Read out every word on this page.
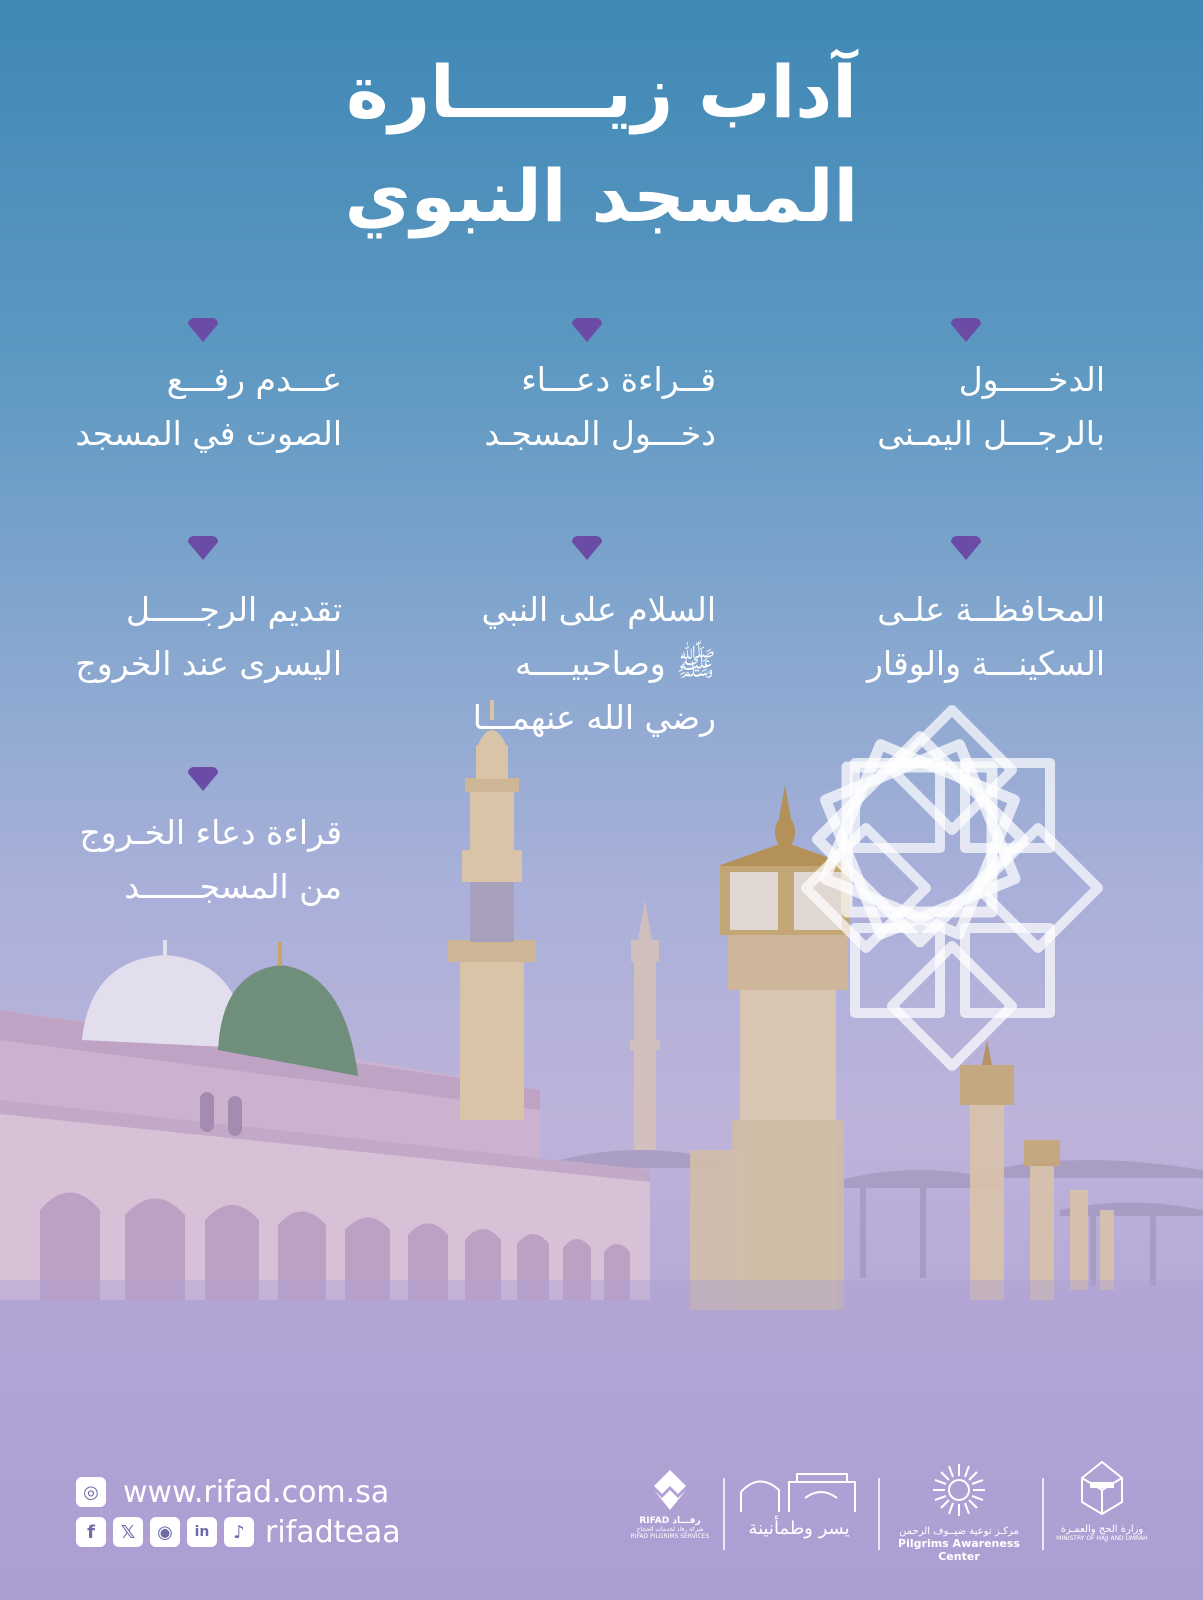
آداب زيــــــارة
المسجد النبوي
الدخـــــول
بالرجـــل اليمـنى
قــراءة دعـــاء
دخـــول المسجـد
عـــدم رفـــع
الصوت في المسجد
المحافظــة علـى
السكينـــة والوقار
السلام على النبي
ﷺ وصاحبيــــه
رضي الله عنهمـــا
تقديم الرجـــــل
اليسرى عند الخروج
قراءة دعاء الخـروج
من المسجــــــد
◎ www.rifad.com.sa
f	𝕏	◉	in	♪ rifadteaa	RIFAD رفـــاد
شركة رفاد لخدمات الحجاج
RIFAD PILGRIMS SERVICES	يسر وطمأنينة	مركـز توعية ضيــوف الرحمن
Pilgrims Awareness Center
وزارة الحج والعمـرة
MINISTRY OF HAJJ AND UMRAH
